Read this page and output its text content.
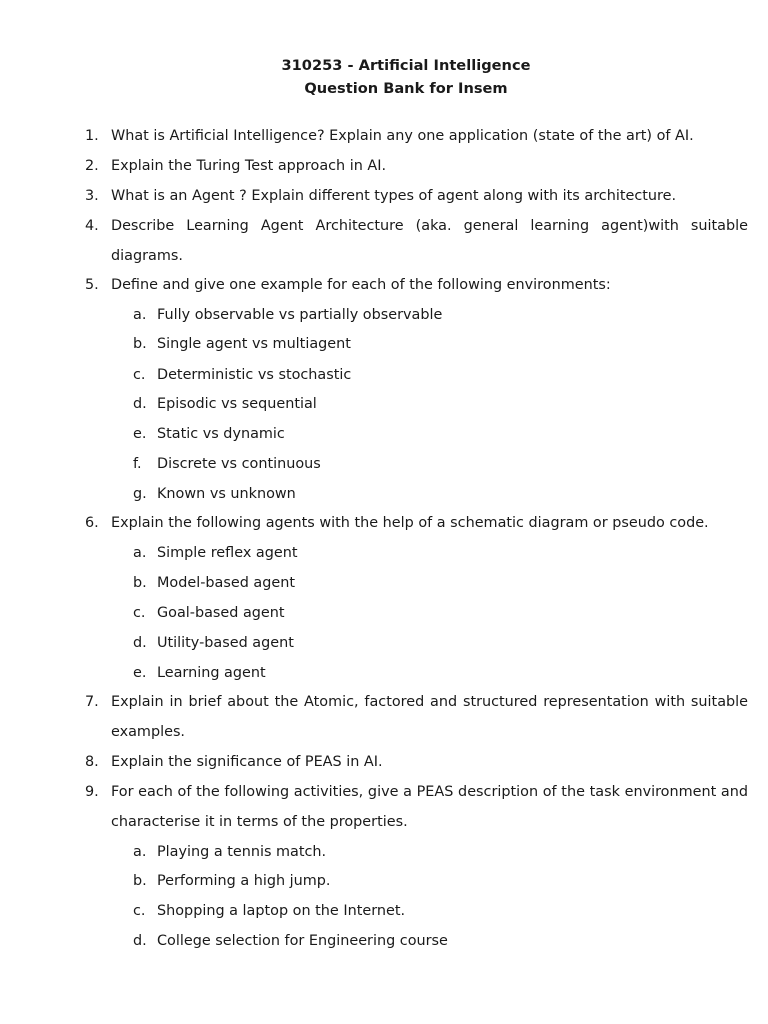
310253 - Artificial Intelligence
Question Bank for Insem
1. What is Artificial Intelligence? Explain any one application (state of the art) of AI.
2. Explain the Turing Test approach in AI.
3. What is an Agent ? Explain different types of agent along with its architecture.
4. Describe Learning Agent Architecture (aka. general learning agent)with suitable
diagrams.
5. Define and give one example for each of the following environments:
a. Fully observable vs partially observable
b. Single agent vs multiagent
c. Deterministic vs stochastic
d. Episodic vs sequential
e. Static vs dynamic
f.	Discrete vs continuous
g. Known vs unknown
6. Explain the following agents with the help of a schematic diagram or pseudo code.
a. Simple reflex agent
b. Model-based agent
c. Goal-based agent
d. Utility-based agent
e. Learning agent
7. Explain in brief about the Atomic, factored and structured representation with suitable
examples.
8. Explain the significance of PEAS in AI.
9. For each of the following activities, give a PEAS description of the task environment and
characterise it in terms of the properties.
a. Playing a tennis match.
b. Performing a high jump.
c. Shopping a laptop on the Internet.
d. College selection for Engineering course
